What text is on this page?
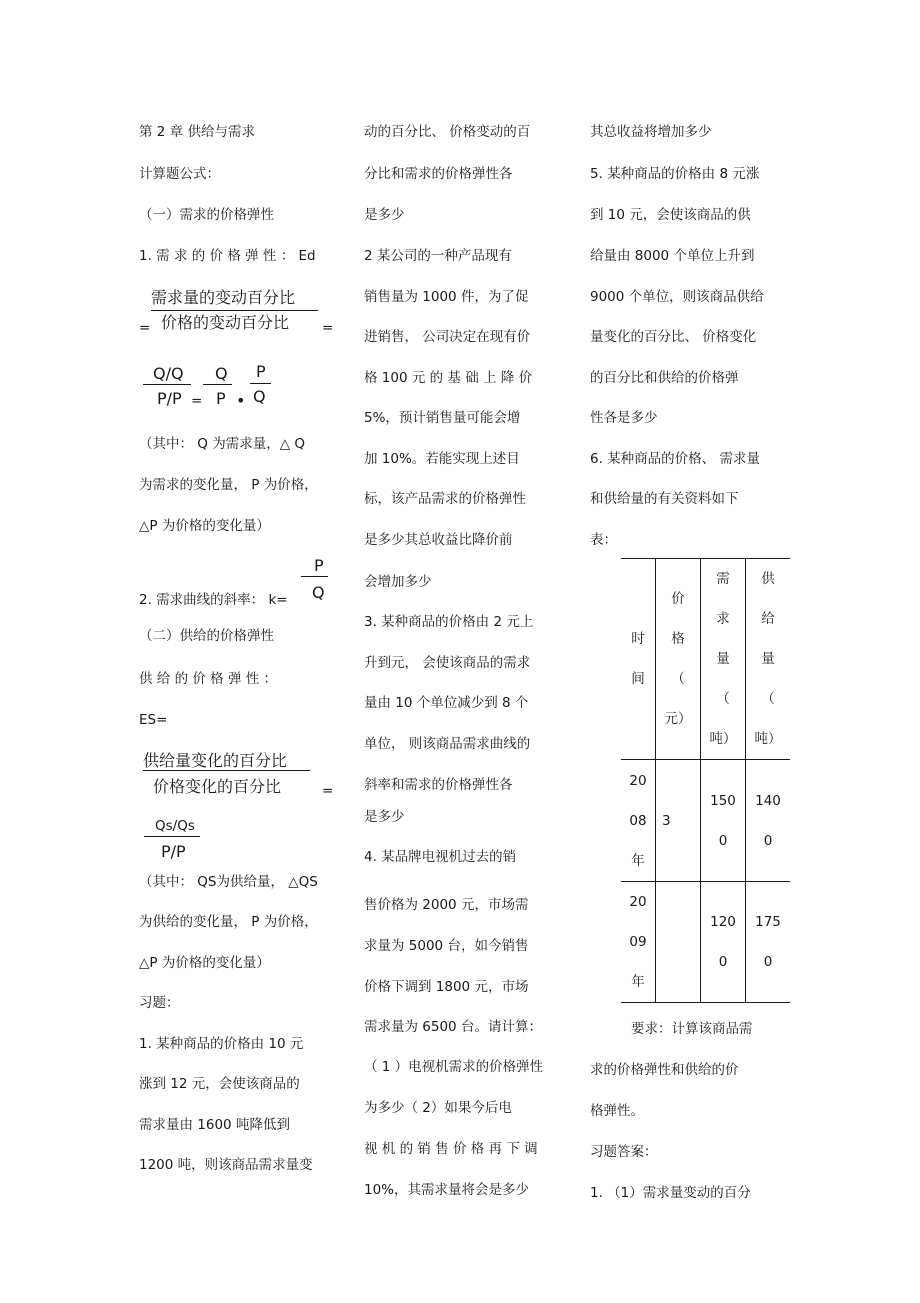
第 2 章 供给与需求
计算题公式：
（一）需求的价格弹性
1. 需 求 的 价 格 弹 性 ： Ed
需求量的变动百分比
= 价格的变动百分比 =
Q/Q
P/P =
Q
P •
P
Q
（其中： Q 为需求量，△ Q
为需求的变化量， P 为价格，
△P 为价格的变化量）
P
2. 需求曲线的斜率： k= Q
（二）供给的价格弹性
供 给 的 价 格 弹 性 ：
ES=
供给量变化的百分比
价格变化的百分比	=
Qs/Qs
P/P
（其中： QS为供给量， △QS
为供给的变化量， P 为价格，
△P 为价格的变化量）
习题：
1. 某种商品的价格由 10 元
涨到 12 元，会使该商品的
需求量由 1600 吨降低到
1200 吨，则该商品需求量变
动的百分比、 价格变动的百
分比和需求的价格弹性各
是多少
2 某公司的一种产品现有
销售量为 1000 件，为了促
进销售， 公司决定在现有价
格 100 元 的 基 础 上 降 价
5%，预计销售量可能会增
加 10%。若能实现上述目
标，该产品需求的价格弹性
是多少其总收益比降价前
会增加多少
3. 某种商品的价格由 2 元上
升到元， 会使该商品的需求
量由 10 个单位减少到 8 个
单位， 则该商品需求曲线的
斜率和需求的价格弹性各
是多少
4. 某品牌电视机过去的销
售价格为 2000 元，市场需
求量为 5000 台，如今销售
价格下调到 1800 元，市场
需求量为 6500 台。请计算：
（ 1 ）电视机需求的价格弹性
为多少（ 2）如果今后电
视 机 的 销 售 价 格 再 下 调
10%，其需求量将会是多少
其总收益将增加多少
5. 某种商品的价格由 8 元涨
到 10 元，会使该商品的供
给量由 8000 个单位上升到
9000 个单位，则该商品供给
量变化的百分比、 价格变化
的百分比和供给的价格弹
性各是多少
6. 某种商品的价格、 需求量
和供给量的有关资料如下
表：
时
间	价
格
（
元）	需
求
量
（
吨）	供
给
量
（
吨）

20
08
年	3	150
0	140
0

20
09
年		120
0	175
0
要求：计算该商品需
求的价格弹性和供给的价
格弹性。
习题答案：
1. （1）需求量变动的百分
